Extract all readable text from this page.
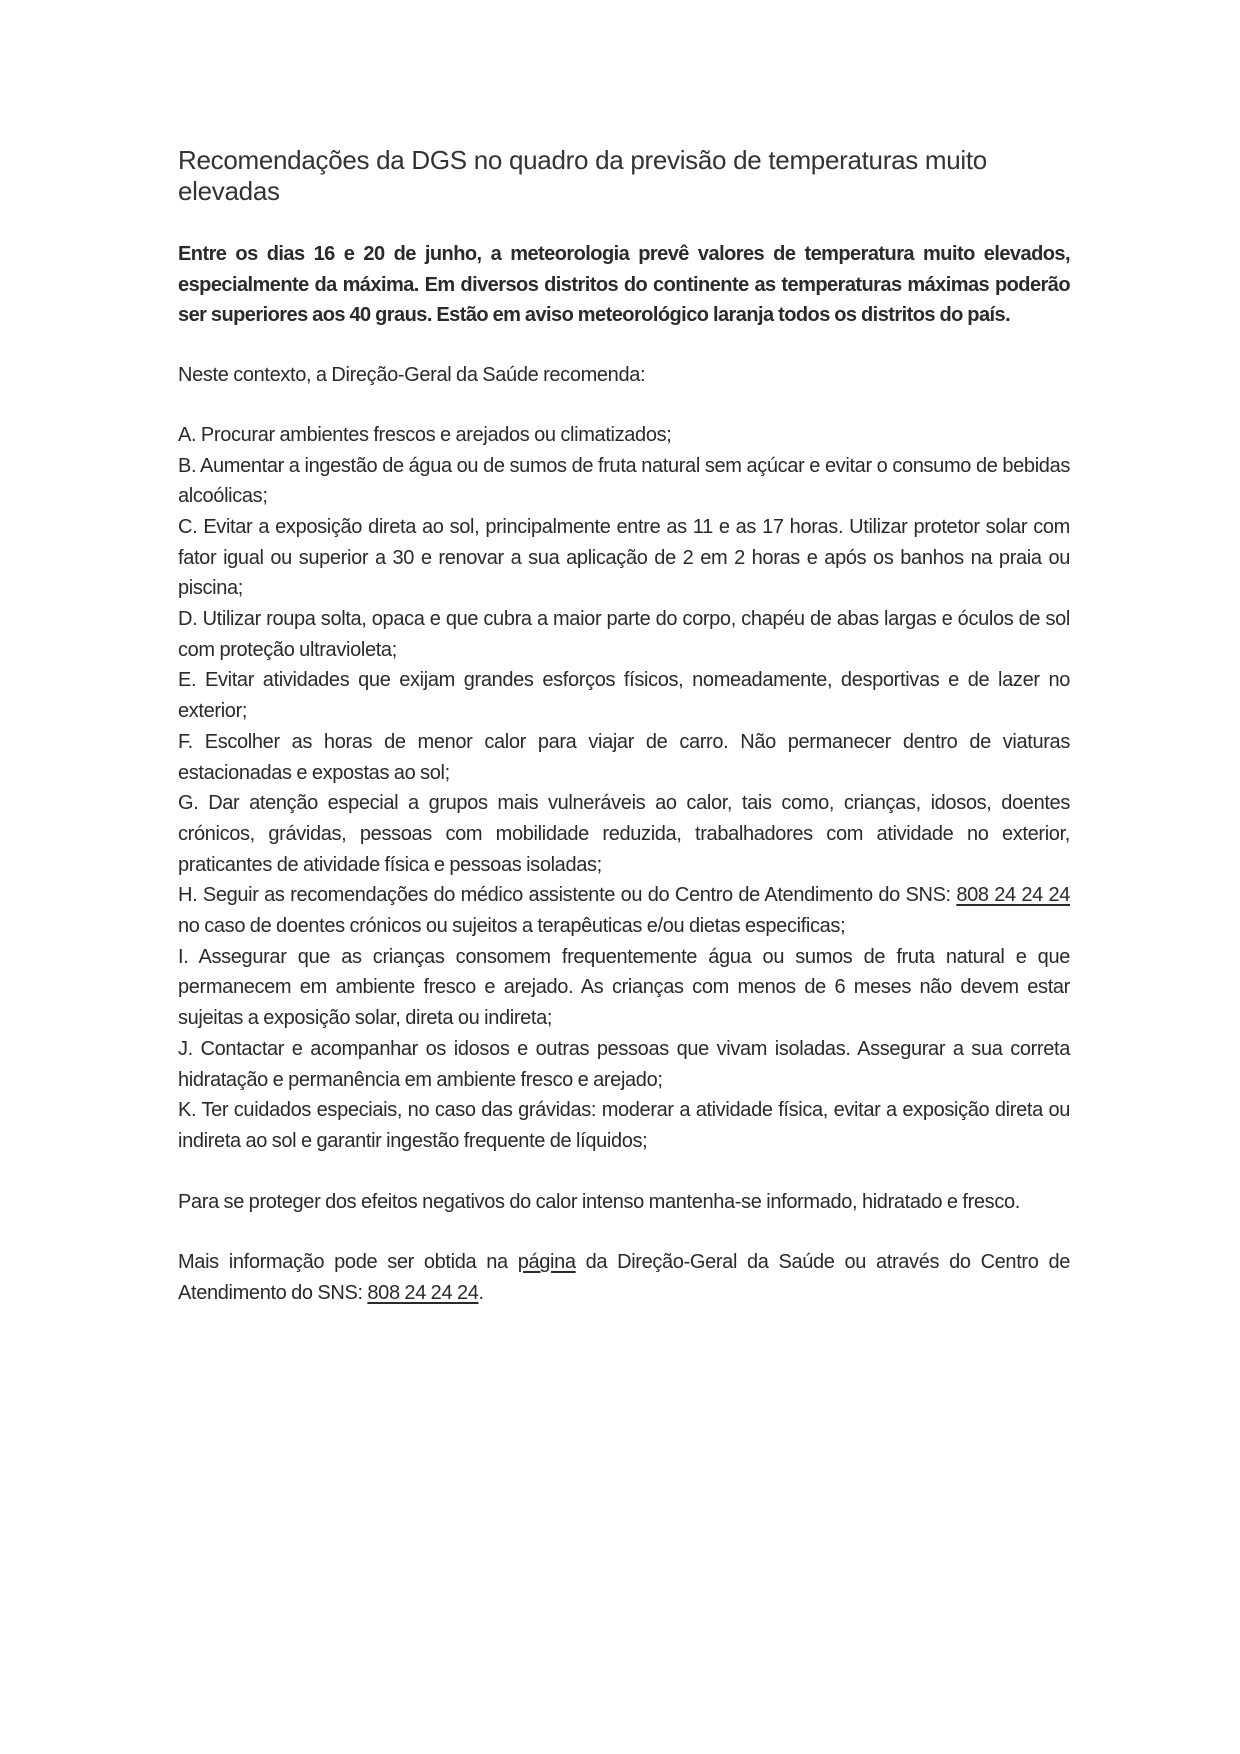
Recomendações da DGS no quadro da previsão de temperaturas muito elevadas

Entre os dias 16 e 20 de junho, a meteorologia prevê valores de temperatura muito elevados, especialmente da máxima. Em diversos distritos do continente as temperaturas máximas poderão ser superiores aos 40 graus. Estão em aviso meteorológico laranja todos os distritos do país.

Neste contexto, a Direção-Geral da Saúde recomenda:

A. Procurar ambientes frescos e arejados ou climatizados;

B. Aumentar a ingestão de água ou de sumos de fruta natural sem açúcar e evitar o consumo de bebidas alcoólicas;

C. Evitar a exposição direta ao sol, principalmente entre as 11 e as 17 horas. Utilizar protetor solar com fator igual ou superior a 30 e renovar a sua aplicação de 2 em 2 horas e após os banhos na praia ou piscina;

D. Utilizar roupa solta, opaca e que cubra a maior parte do corpo, chapéu de abas largas e óculos de sol com proteção ultravioleta;

E. Evitar atividades que exijam grandes esforços físicos, nomeadamente, desportivas e de lazer no exterior;

F. Escolher as horas de menor calor para viajar de carro. Não permanecer dentro de viaturas estacionadas e expostas ao sol;

G. Dar atenção especial a grupos mais vulneráveis ao calor, tais como, crianças, idosos, doentes crónicos, grávidas, pessoas com mobilidade reduzida, trabalhadores com atividade no exterior, praticantes de atividade física e pessoas isoladas;

H. Seguir as recomendações do médico assistente ou do Centro de Atendimento do SNS: 808 24 24 24 no caso de doentes crónicos ou sujeitos a terapêuticas e/ou dietas especificas;

I. Assegurar que as crianças consomem frequentemente água ou sumos de fruta natural e que permanecem em ambiente fresco e arejado. As crianças com menos de 6 meses não devem estar sujeitas a exposição solar, direta ou indireta;

J. Contactar e acompanhar os idosos e outras pessoas que vivam isoladas. Assegurar a sua correta hidratação e permanência em ambiente fresco e arejado;

K. Ter cuidados especiais, no caso das grávidas: moderar a atividade física, evitar a exposição direta ou indireta ao sol e garantir ingestão frequente de líquidos;

Para se proteger dos efeitos negativos do calor intenso mantenha-se informado, hidratado e fresco.

Mais informação pode ser obtida na página da Direção-Geral da Saúde ou através do Centro de Atendimento do SNS: 808 24 24 24.
